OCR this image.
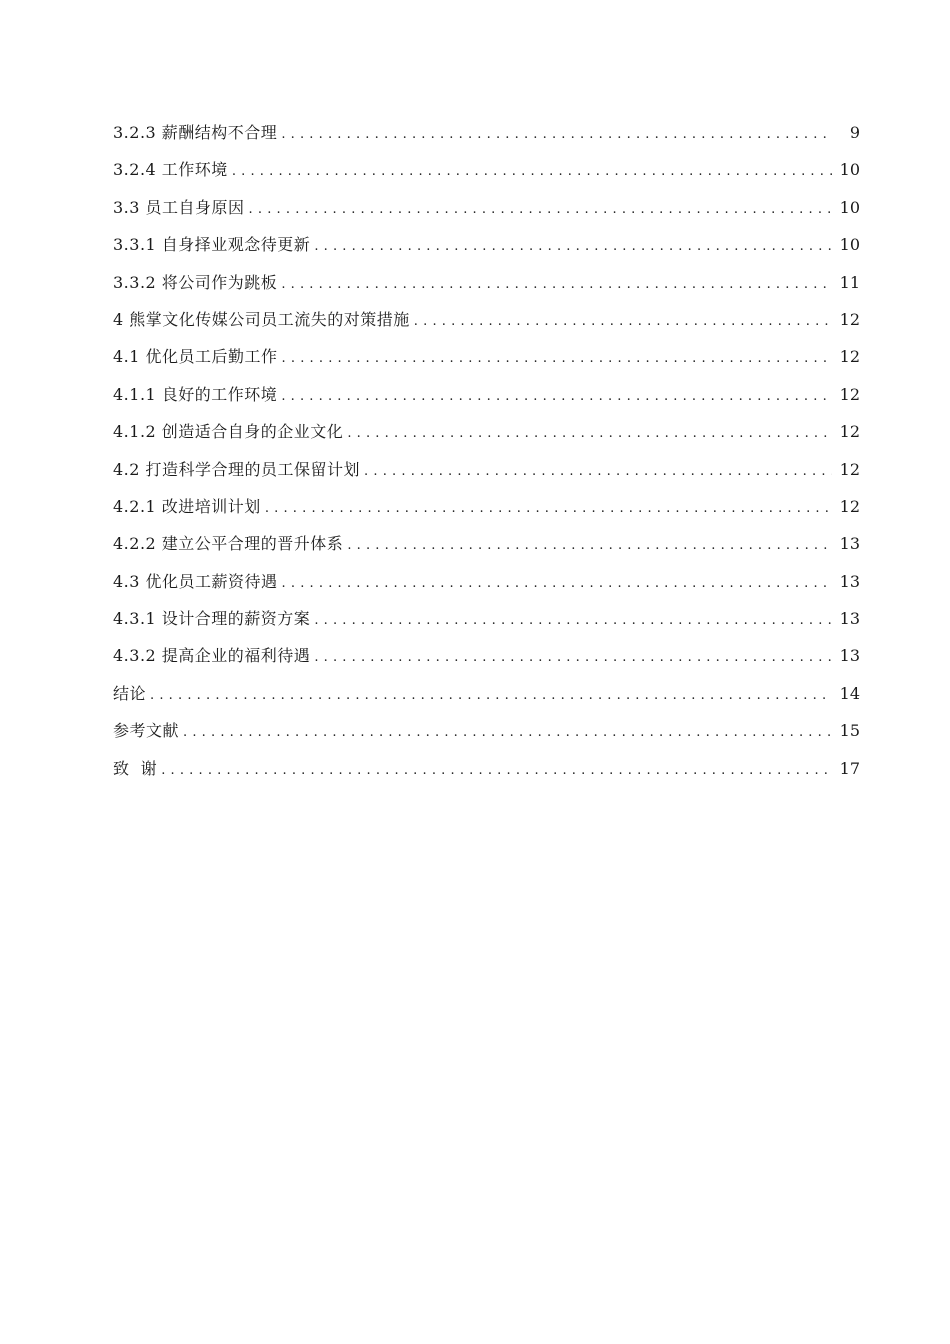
3.2.3 薪酬结构不合理 .....	9
3.2.4 工作环境 .....	10
3.3 员工自身原因 .....	10
3.3.1 自身择业观念待更新 .....	10
3.3.2 将公司作为跳板 .....	11
4 熊掌文化传媒公司员工流失的对策措施 .....	12
4.1 优化员工后勤工作 .....	12
4.1.1 良好的工作环境 .....	12
4.1.2 创造适合自身的企业文化 .....	12
4.2 打造科学合理的员工保留计划 .....	12
4.2.1 改进培训计划 .....	12
4.2.2 建立公平合理的晋升体系 .....	13
4.3 优化员工薪资待遇 .....	13
4.3.1 设计合理的薪资方案 .....	13
4.3.2 提高企业的福利待遇 .....	13
结论 .....	14
参考文献 .....	15
致  谢 .....	17
